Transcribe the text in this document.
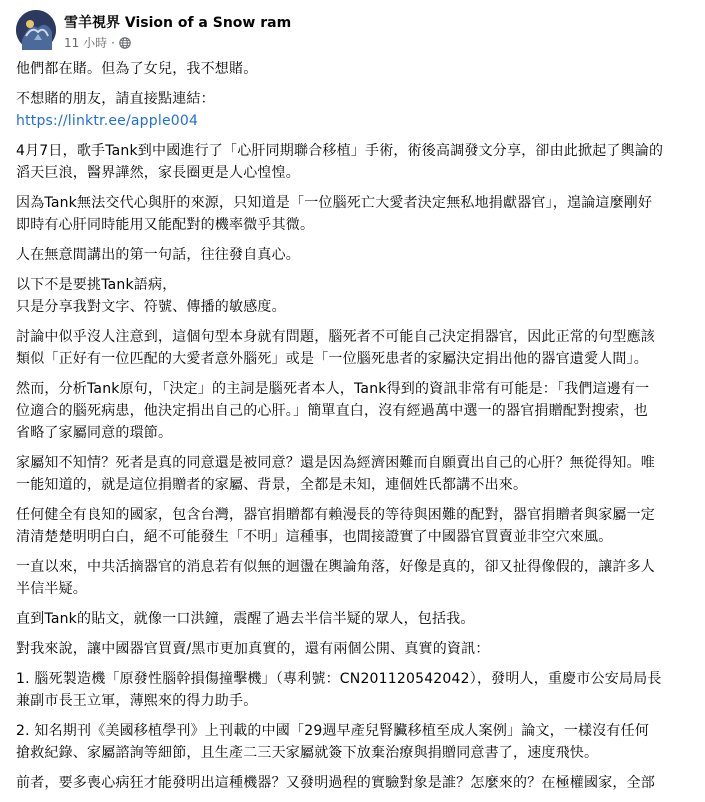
雪羊視界 Vision of a Snow ram
11 小時 ·
他們都在賭。但為了女兒，我不想賭。
不想賭的朋友，請直接點連結：
https://linktr.ee/apple004
4月7日，歌手Tank到中國進行了「心肝同期聯合移植」手術，術後高調發文分享，卻由此掀起了輿論的
滔天巨浪，醫界譁然，家長圈更是人心惶惶。
因為Tank無法交代心與肝的來源，只知道是「一位腦死亡大愛者決定無私地捐獻器官」，遑論這麼剛好
即時有心肝同時能用又能配對的機率微乎其微。
人在無意間講出的第一句話，往往發自真心。
以下不是要挑Tank語病，
只是分享我對文字、符號、傳播的敏感度。
討論中似乎沒人注意到，這個句型本身就有問題，腦死者不可能自己決定捐器官，因此正常的句型應該
類似「正好有一位匹配的大愛者意外腦死」或是「一位腦死患者的家屬決定捐出他的器官遺愛人間」。
然而，分析Tank原句，「決定」的主詞是腦死者本人，Tank得到的資訊非常有可能是：「我們這邊有一
位適合的腦死病患，他決定捐出自己的心肝。」簡單直白，沒有經過萬中選一的器官捐贈配對搜索，也
省略了家屬同意的環節。
家屬知不知情？死者是真的同意還是被同意？還是因為經濟困難而自願賣出自己的心肝？無從得知。唯
一能知道的，就是這位捐贈者的家屬、背景，全都是未知，連個姓氏都講不出來。
任何健全有良知的國家，包含台灣，器官捐贈都有賴漫長的等待與困難的配對，器官捐贈者與家屬一定
清清楚楚明明白白，絕不可能發生「不明」這種事，也間接證實了中國器官買賣並非空穴來風。
一直以來，中共活摘器官的消息若有似無的迴盪在輿論角落，好像是真的，卻又扯得像假的，讓許多人
半信半疑。
直到Tank的貼文，就像一口洪鐘，震醒了過去半信半疑的眾人，包括我。
對我來說，讓中國器官買賣/黑市更加真實的，還有兩個公開、真實的資訊：
1. 腦死製造機「原發性腦幹損傷撞擊機」（專利號：CN201120542042），發明人，重慶市公安局局長
兼副市長王立軍，薄熙來的得力助手。
2. 知名期刊《美國移植學刊》上刊載的中國「29週早產兒腎臟移植至成人案例」論文，一樣沒有任何
搶救紀錄、家屬諮詢等細節，且生產二三天家屬就簽下放棄治療與捐贈同意書了，速度飛快。
前者，要多喪心病狂才能發明出這種機器？又發明過程的實驗對象是誰？怎麼來的？在極權國家，全部
